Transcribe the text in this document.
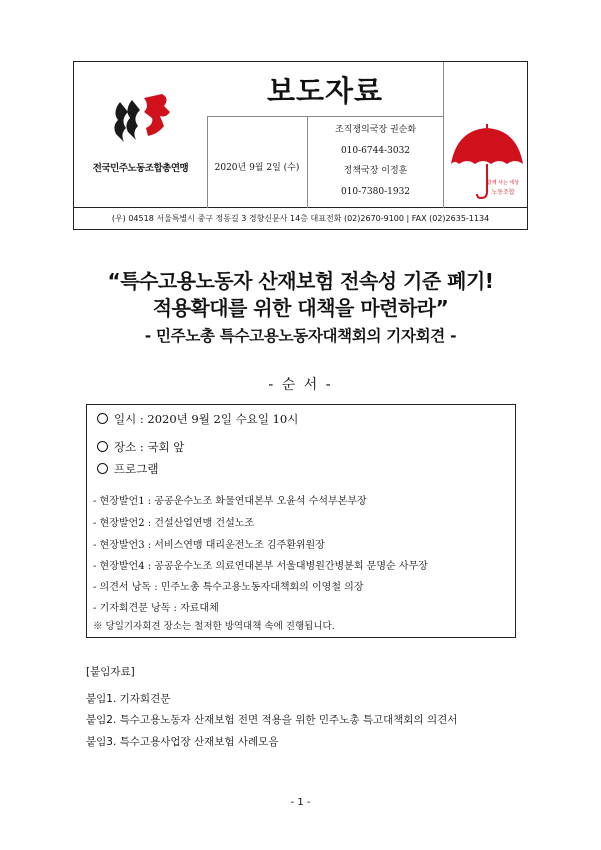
전국민주노동조합총연맹
보도자료
2020년 9월 2일 (수)
조직쟁의국장 권순화
010-6744-3032
정책국장 이정훈
010-7380-1932
함께 사는 세상
노동조합
(우) 04518 서울특별시 중구 정동길 3 경향신문사 14층 대표전화 (02)2670-9100 | FAX (02)2635-1134
“특수고용노동자 산재보험 전속성 기준 폐기!
적용확대를 위한 대책을 마련하라”
- 민주노총 특수고용노동자대책회의 기자회견 -
- 순 서 -
일시 : 2020년 9월 2일 수요일 10시
장소 : 국회 앞
프로그램
- 현장발언1 : 공공운수노조 화물연대본부 오윤석 수석부본부장
- 현장발언2 : 건설산업연맹 건설노조
- 현장발언3 : 서비스연맹 대리운전노조 김주환위원장
- 현장발언4 : 공공운수노조 의료연대본부 서울대병원간병분회 문명순 사무장
- 의견서 낭독 : 민주노총 특수고용노동자대책회의 이영철 의장
- 기자회견문 낭독 : 자료대체
※ 당일기자회견 장소는 철저한 방역대책 속에 진행됩니다.
[붙임자료]
붙임1. 기자회견문
붙임2. 특수고용노동자 산재보험 전면 적용을 위한 민주노총 특고대책회의 의견서
붙임3. 특수고용사업장 산재보험 사례모음
- 1 -
